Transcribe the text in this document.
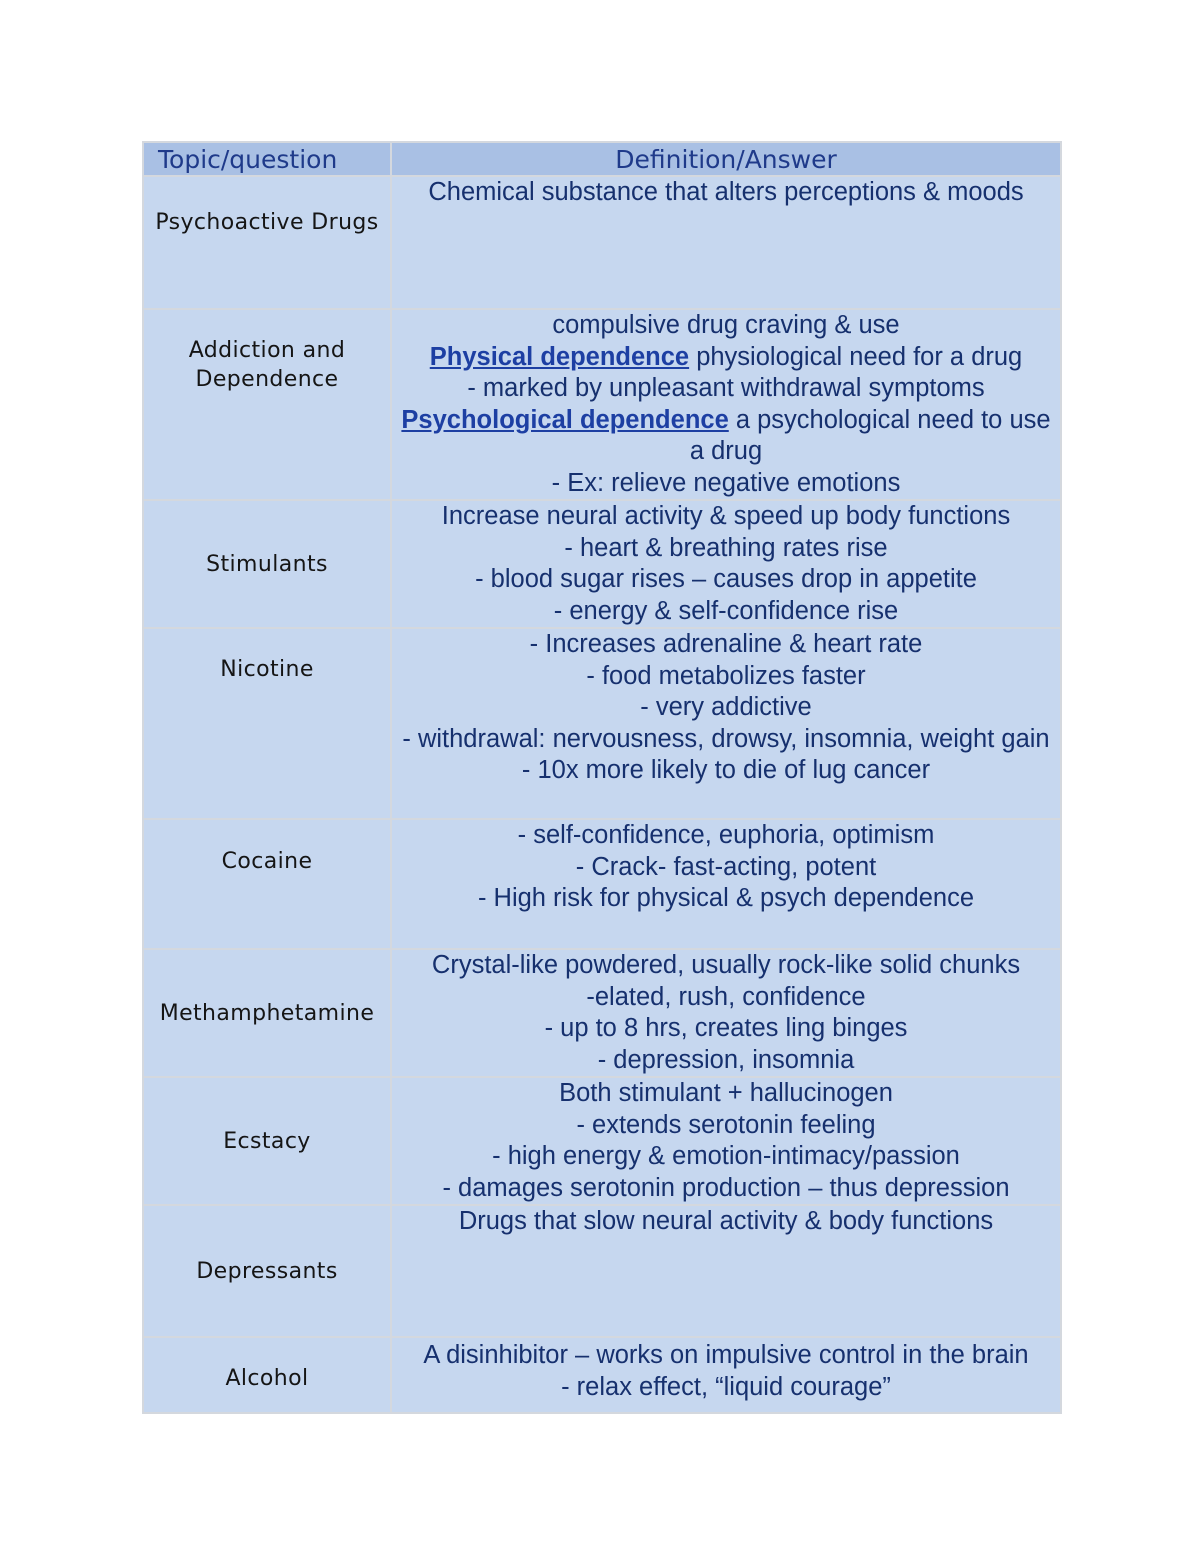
Topic/question	Definition/Answer
Psychoactive Drugs	Chemical substance that alters perceptions & moods

Addiction and Dependence	compulsive drug craving & use
Physical dependence physiological need for a drug
- marked by unpleasant withdrawal symptoms
Psychological dependence a psychological need to use a drug
- Ex: relieve negative emotions

Stimulants	Increase neural activity & speed up body functions
- heart & breathing rates rise
- blood sugar rises – causes drop in appetite
- energy & self-confidence rise

Nicotine	- Increases adrenaline & heart rate
- food metabolizes faster
- very addictive
- withdrawal: nervousness, drowsy, insomnia, weight gain
- 10x more likely to die of lug cancer

Cocaine	- self-confidence, euphoria, optimism
- Crack- fast-acting, potent
- High risk for physical & psych dependence

Methamphetamine	Crystal-like powdered, usually rock-like solid chunks
-elated, rush, confidence
- up to 8 hrs, creates ling binges
- depression, insomnia

Ecstacy	Both stimulant + hallucinogen
- extends serotonin feeling
- high energy & emotion-intimacy/passion
- damages serotonin production – thus depression

Depressants	Drugs that slow neural activity & body functions

Alcohol	A disinhibitor – works on impulsive control in the brain
- relax effect, “liquid courage”
